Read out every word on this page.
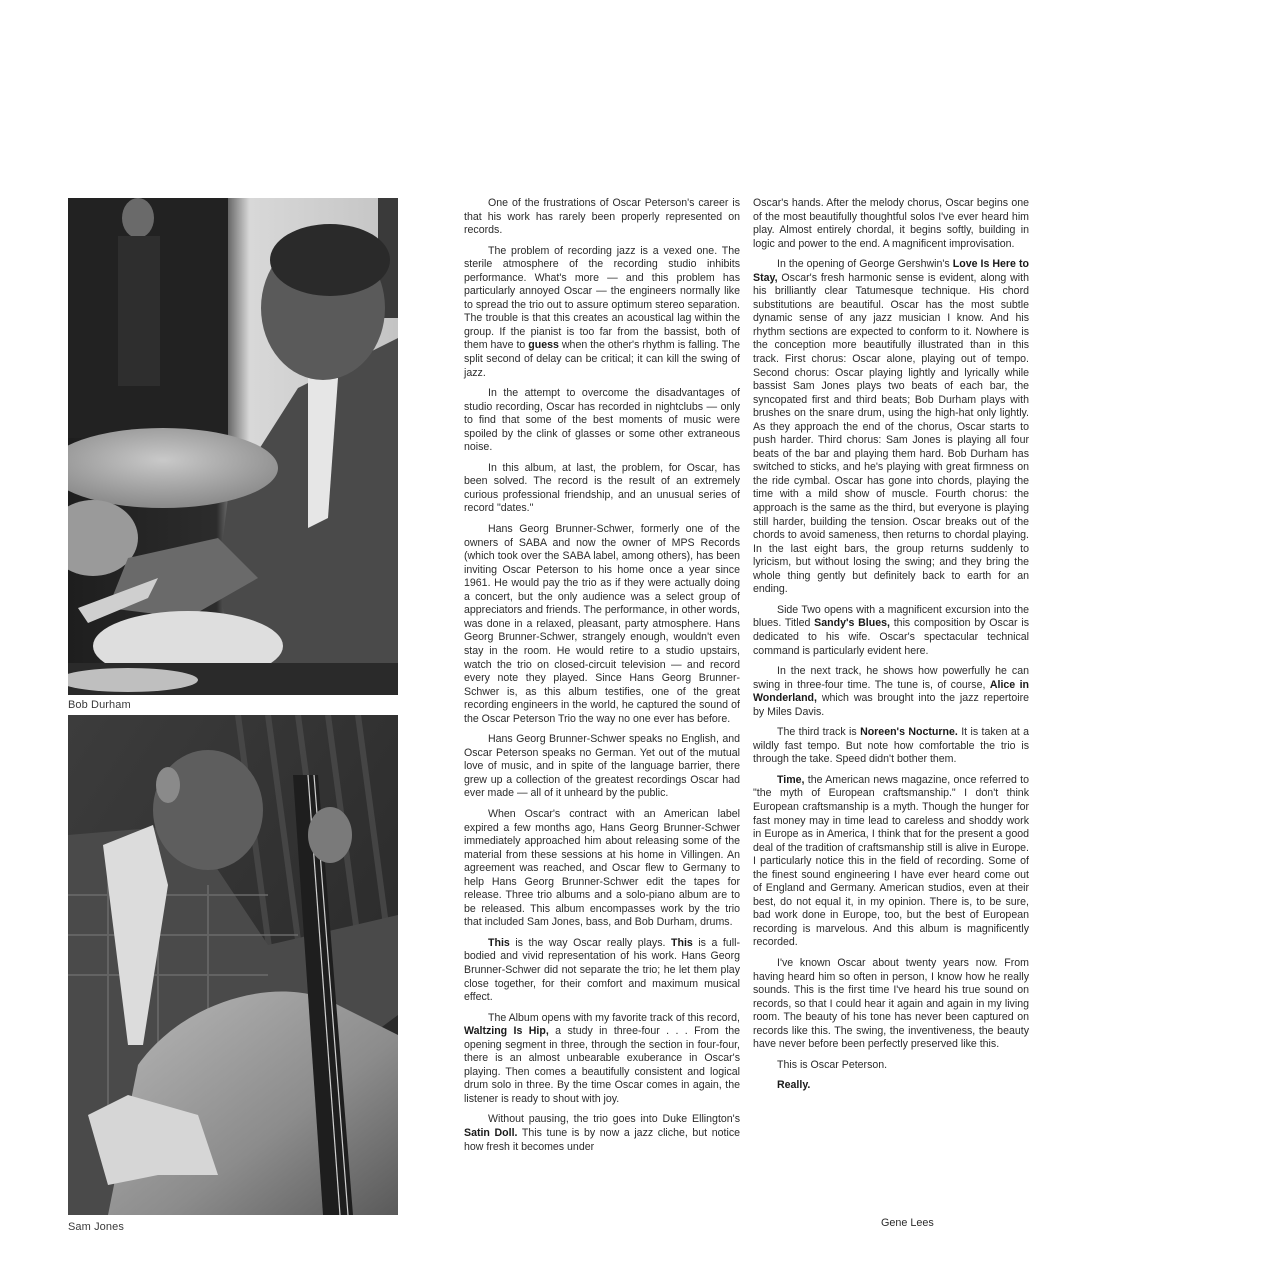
Bob Durham
Sam Jones

One of the frustrations of Oscar Peterson's career is that his work has rarely been properly represented on records.

The problem of recording jazz is a vexed one. The sterile atmosphere of the recording studio inhibits performance. What's more — and this problem has particularly annoyed Oscar — the engineers normally like to spread the trio out to assure optimum stereo separation. The trouble is that this creates an acoustical lag within the group. If the pianist is too far from the bassist, both of them have to guess when the other's rhythm is falling. The split second of delay can be critical; it can kill the swing of jazz.

In the attempt to overcome the disadvantages of studio recording, Oscar has recorded in nightclubs — only to find that some of the best moments of music were spoiled by the clink of glasses or some other extraneous noise.

In this album, at last, the problem, for Oscar, has been solved. The record is the result of an extremely curious professional friendship, and an unusual series of record "dates."

Hans Georg Brunner-Schwer, formerly one of the owners of SABA and now the owner of MPS Records (which took over the SABA label, among others), has been inviting Oscar Peterson to his home once a year since 1961. He would pay the trio as if they were actually doing a concert, but the only audience was a select group of appreciators and friends. The performance, in other words, was done in a relaxed, pleasant, party atmosphere. Hans Georg Brunner-Schwer, strangely enough, wouldn't even stay in the room. He would retire to a studio upstairs, watch the trio on closed-circuit television — and record every note they played. Since Hans Georg Brunner-Schwer is, as this album testifies, one of the great recording engineers in the world, he captured the sound of the Oscar Peterson Trio the way no one ever has before.

Hans Georg Brunner-Schwer speaks no English, and Oscar Peterson speaks no German. Yet out of the mutual love of music, and in spite of the language barrier, there grew up a collection of the greatest recordings Oscar had ever made — all of it unheard by the public.

When Oscar's contract with an American label expired a few months ago, Hans Georg Brunner-Schwer immediately approached him about releasing some of the material from these sessions at his home in Villingen. An agreement was reached, and Oscar flew to Germany to help Hans Georg Brunner-Schwer edit the tapes for release. Three trio albums and a solo-piano album are to be released. This album encompasses work by the trio that included Sam Jones, bass, and Bob Durham, drums.

This is the way Oscar really plays. This is a full-bodied and vivid representation of his work. Hans Georg Brunner-Schwer did not separate the trio; he let them play close together, for their comfort and maximum musical effect.

The Album opens with my favorite track of this record, Waltzing Is Hip, a study in three-four . . . From the opening segment in three, through the section in four-four, there is an almost unbearable exuberance in Oscar's playing. Then comes a beautifully consistent and logical drum solo in three. By the time Oscar comes in again, the listener is ready to shout with joy.

Without pausing, the trio goes into Duke Ellington's Satin Doll. This tune is by now a jazz cliche, but notice how fresh it becomes under

Oscar's hands. After the melody chorus, Oscar begins one of the most beautifully thoughtful solos I've ever heard him play. Almost entirely chordal, it begins softly, building in logic and power to the end. A magnificent improvisation.

In the opening of George Gershwin's Love Is Here to Stay, Oscar's fresh harmonic sense is evident, along with his brilliantly clear Tatumesque technique. His chord substitutions are beautiful. Oscar has the most subtle dynamic sense of any jazz musician I know. And his rhythm sections are expected to conform to it. Nowhere is the conception more beautifully illustrated than in this track. First chorus: Oscar alone, playing out of tempo. Second chorus: Oscar playing lightly and lyrically while bassist Sam Jones plays two beats of each bar, the syncopated first and third beats; Bob Durham plays with brushes on the snare drum, using the high-hat only lightly. As they approach the end of the chorus, Oscar starts to push harder. Third chorus: Sam Jones is playing all four beats of the bar and playing them hard. Bob Durham has switched to sticks, and he's playing with great firmness on the ride cymbal. Oscar has gone into chords, playing the time with a mild show of muscle. Fourth chorus: the approach is the same as the third, but everyone is playing still harder, building the tension. Oscar breaks out of the chords to avoid sameness, then returns to chordal playing. In the last eight bars, the group returns suddenly to lyricism, but without losing the swing; and they bring the whole thing gently but definitely back to earth for an ending.

Side Two opens with a magnificent excursion into the blues. Titled Sandy's Blues, this composition by Oscar is dedicated to his wife. Oscar's spectacular technical command is particularly evident here.

In the next track, he shows how powerfully he can swing in three-four time. The tune is, of course, Alice in Wonderland, which was brought into the jazz repertoire by Miles Davis.

The third track is Noreen's Nocturne. It is taken at a wildly fast tempo. But note how comfortable the trio is through the take. Speed didn't bother them.

Time, the American news magazine, once referred to "the myth of European craftsmanship." I don't think European craftsmanship is a myth. Though the hunger for fast money may in time lead to careless and shoddy work in Europe as in America, I think that for the present a good deal of the tradition of craftsmanship still is alive in Europe. I particularly notice this in the field of recording. Some of the finest sound engineering I have ever heard come out of England and Germany. American studios, even at their best, do not equal it, in my opinion. There is, to be sure, bad work done in Europe, too, but the best of European recording is marvelous. And this album is magnificently recorded.

I've known Oscar about twenty years now. From having heard him so often in person, I know how he really sounds. This is the first time I've heard his true sound on records, so that I could hear it again and again in my living room. The beauty of his tone has never been captured on records like this. The swing, the inventiveness, the beauty have never before been perfectly preserved like this.

This is Oscar Peterson.

Really.

Gene Lees
